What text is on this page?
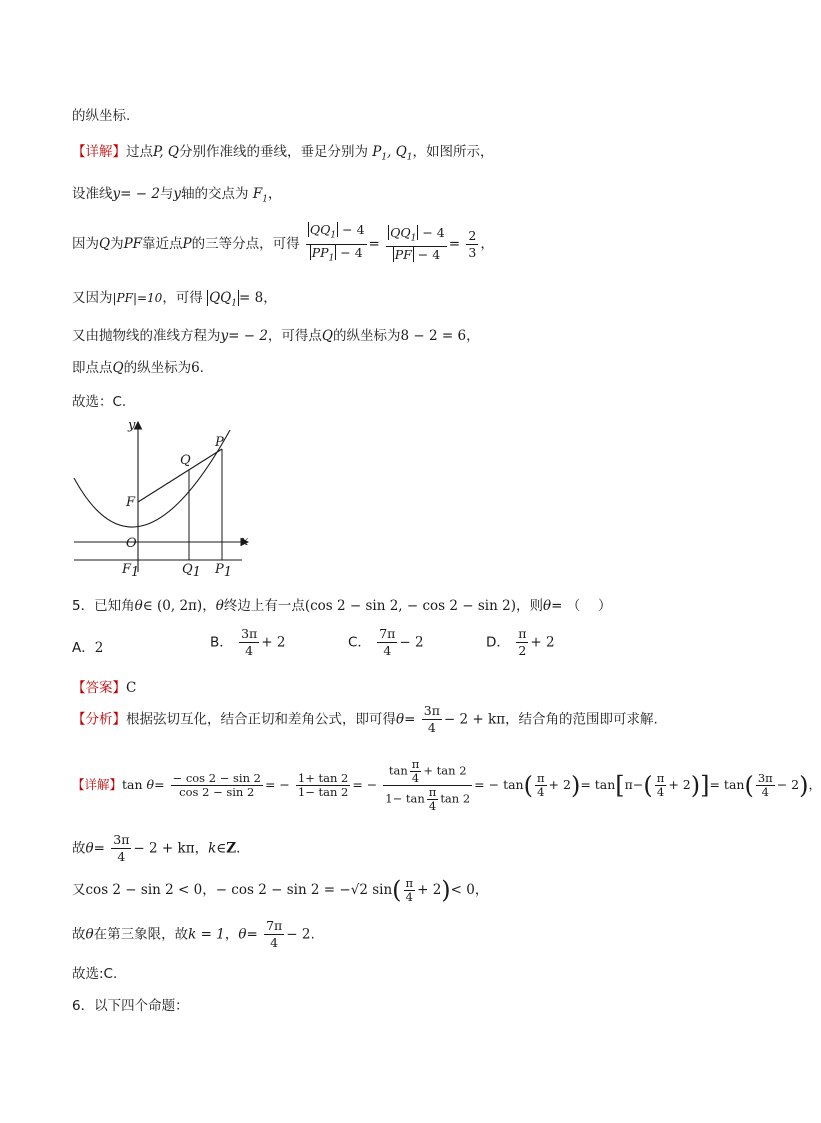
的纵坐标.
【详解】过点P, Q分别作准线的垂线，垂足分别为 $P_1$, $Q_1$，如图所示，
设准线y= − 2与y轴的交点为 $F_1$，
因为Q为PF靠近点P的三等分点，可得 $\frac{QQ_1 - 4}{PP_1 - 4} = \frac{QQ_1 - 4}{PF - 4} = \frac{2}{3}$ ，
又因为|PF|=10，可得 $QQ_1 = 8$，
又由抛物线的准线方程为y= − 2，可得点Q的纵坐标为8 − 2 = 6，
即点点Q的纵坐标为6.
故选：C.
y
x
P
Q
F
O
F1	Q1 P1
5．已知角θ∈ (0, 2π)，θ终边上有一点(cos 2 − sin 2, − cos 2 − sin 2)，则θ= （　 ）
A．2	B． $\frac{3\pi}{4} + 2$	C． $\frac{7\pi}{4} - 2$	D． $\frac{\pi}{2} + 2$
【答案】C
【分析】根据弦切互化，结合正切和差角公式，即可得$\theta= \frac{3\pi}{4} - 2 + k\pi$，结合角的范围即可求解.
【详解】$\tan \theta= \frac{- \cos 2 - \sin 2}{\cos 2 - \sin 2}$ = − $\frac{1+ \tan 2}{1- \tan 2}$ = − $\frac{\tan \frac{\pi}{4} + \tan 2}{1- \tan \frac{\pi}{4} \tan 2}$ = − $\tan( \frac{\pi}{4} + 2)= \tan[\pi-( \frac{\pi}{4} + 2)]= \tan( \frac{3\pi}{4} - 2)$，
故$\theta= \frac{3\pi}{4} - 2 + k\pi$，k∈Z.
又cos 2 − sin 2 < 0，− cos 2 − sin 2 = −√2 $\sin( \frac{\pi}{4} + 2)< 0$，
故θ在第三象限，故k = 1，$\theta= \frac{7\pi}{4} - 2$.
故选:C.
6．以下四个命题：
